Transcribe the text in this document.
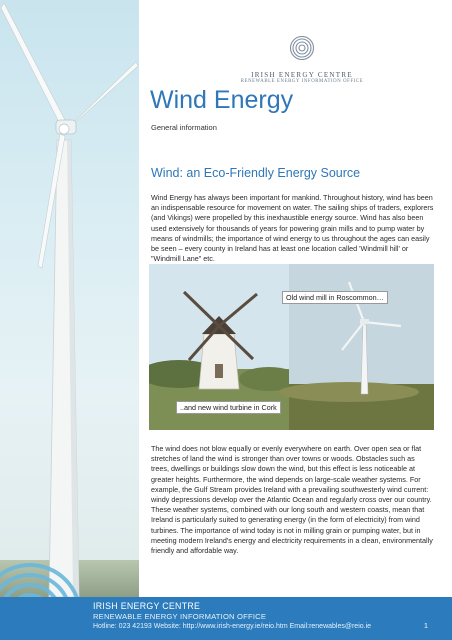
IRISH ENERGY CENTRE
RENEWABLE ENERGY INFORMATION OFFICE
Wind Energy
General information
Wind: an Eco-Friendly Energy Source

Wind Energy has always been important for mankind. Throughout history, wind has been an indispensable resource for movement on water. The sailing ships of traders, explorers (and Vikings) were propelled by this inexhaustible energy source. Wind has also been used extensively for thousands of years for powering grain mills and to pump water by means of windmills; the importance of wind energy to us throughout the ages can easily be seen – every county in Ireland has at least one location called 'Windmill hill' or "Windmill Lane" etc.

Old wind mill in Roscommon…
..and new wind turbine in Cork

The wind does not blow equally or evenly everywhere on earth. Over open sea or flat stretches of land the wind is stronger than over towns or woods. Obstacles such as trees, dwellings or buildings slow down the wind, but this effect is less noticeable at greater heights. Furthermore, the wind depends on large-scale weather systems. For example, the Gulf Stream provides Ireland with a prevailing southwesterly wind current: windy depressions develop over the Atlantic Ocean and regularly cross over our country. These weather systems, combined with our long south and western coasts, mean that Ireland is particularly suited to generating energy (in the form of electricity) from wind turbines. The importance of wind today is not in milling grain or pumping water, but in meeting modern Ireland's energy and electricity requirements in a clean, environmentally friendly and affordable way.

IRISH ENERGY CENTRE
RENEWABLE ENERGY INFORMATION OFFICE
Hotline: 023 42193 Website: http://www.irish-energy.ie/reio.htm Email:renewables@reio.ie	1
